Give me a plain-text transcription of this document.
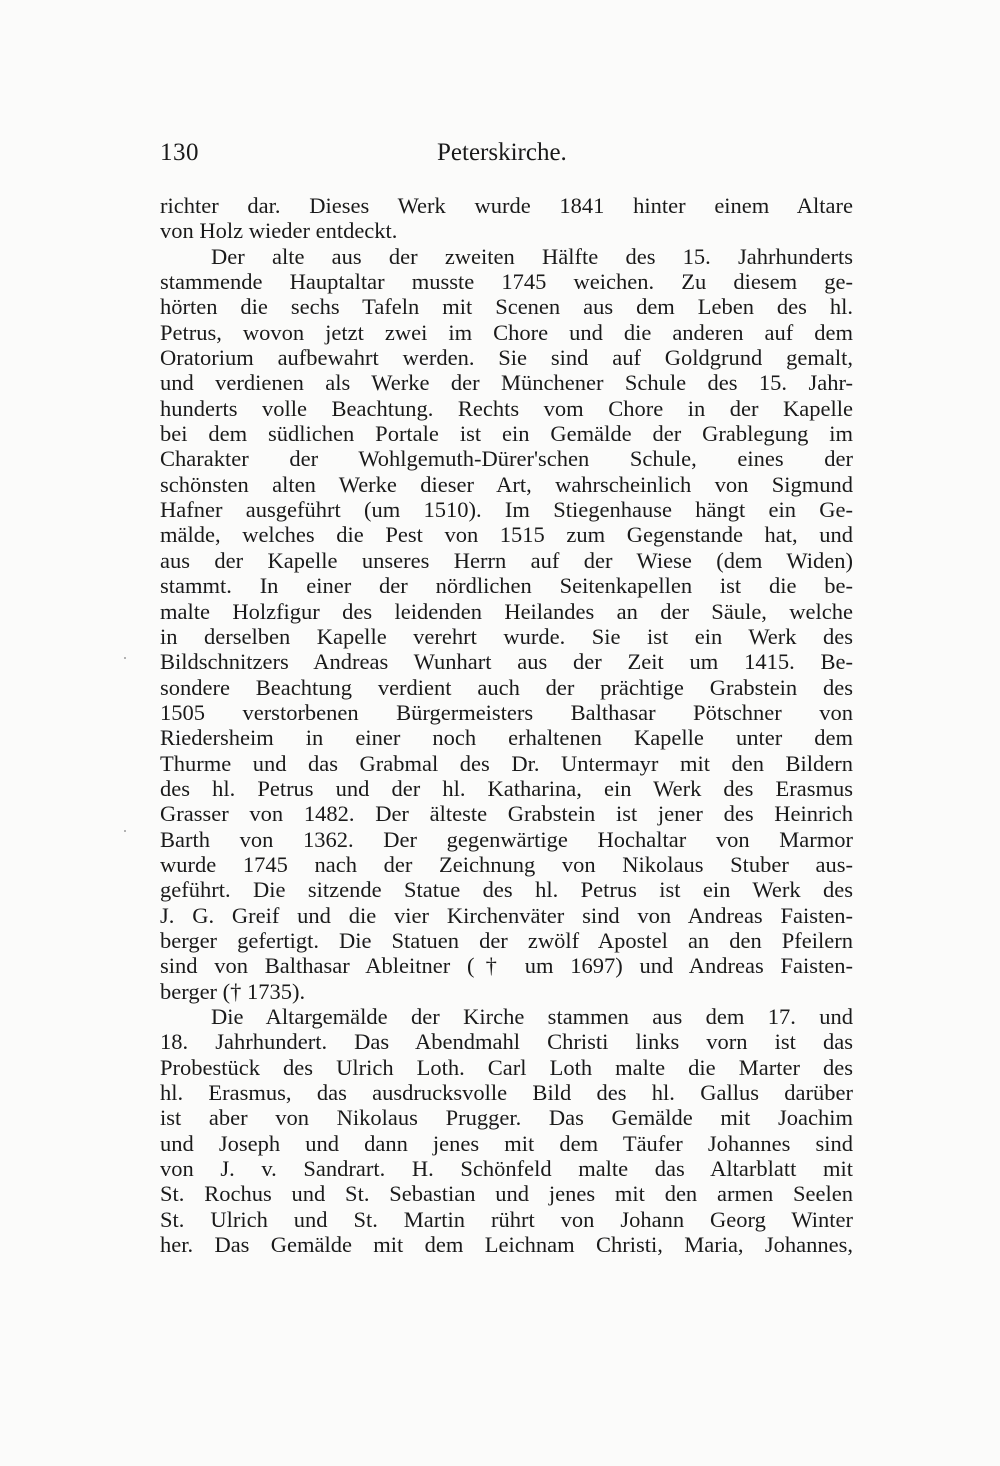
130	Peterskirche.
richter dar. Dieses Werk wurde 1841 hinter einem Altare
von Holz wieder entdeckt.
Der alte aus der zweiten Hälfte des 15. Jahrhunderts
stammende Hauptaltar musste 1745 weichen. Zu diesem ge-
hörten die sechs Tafeln mit Scenen aus dem Leben des hl.
Petrus, wovon jetzt zwei im Chore und die anderen auf dem
Oratorium aufbewahrt werden. Sie sind auf Goldgrund gemalt,
und verdienen als Werke der Münchener Schule des 15. Jahr-
hunderts volle Beachtung. Rechts vom Chore in der Kapelle
bei dem südlichen Portale ist ein Gemälde der Grablegung im
Charakter der Wohlgemuth-Dürer'schen Schule, eines der
schönsten alten Werke dieser Art, wahrscheinlich von Sigmund
Hafner ausgeführt (um 1510). Im Stiegenhause hängt ein Ge-
mälde, welches die Pest von 1515 zum Gegenstande hat, und
aus der Kapelle unseres Herrn auf der Wiese (dem Widen)
stammt. In einer der nördlichen Seitenkapellen ist die be-
malte Holzfigur des leidenden Heilandes an der Säule, welche
in derselben Kapelle verehrt wurde. Sie ist ein Werk des
Bildschnitzers Andreas Wunhart aus der Zeit um 1415. Be-
sondere Beachtung verdient auch der prächtige Grabstein des
1505 verstorbenen Bürgermeisters Balthasar Pötschner von
Riedersheim in einer noch erhaltenen Kapelle unter dem
Thurme und das Grabmal des Dr. Untermayr mit den Bildern
des hl. Petrus und der hl. Katharina, ein Werk des Erasmus
Grasser von 1482. Der älteste Grabstein ist jener des Heinrich
Barth von 1362. Der gegenwärtige Hochaltar von Marmor
wurde 1745 nach der Zeichnung von Nikolaus Stuber aus-
geführt. Die sitzende Statue des hl. Petrus ist ein Werk des
J. G. Greif und die vier Kirchenväter sind von Andreas Faisten-
berger gefertigt. Die Statuen der zwölf Apostel an den Pfeilern
sind von Balthasar Ableitner († um 1697) und Andreas Faisten-
berger († 1735).
Die Altargemälde der Kirche stammen aus dem 17. und
18. Jahrhundert. Das Abendmahl Christi links vorn ist das
Probestück des Ulrich Loth. Carl Loth malte die Marter des
hl. Erasmus, das ausdrucksvolle Bild des hl. Gallus darüber
ist aber von Nikolaus Prugger. Das Gemälde mit Joachim
und Joseph und dann jenes mit dem Täufer Johannes sind
von J. v. Sandrart. H. Schönfeld malte das Altarblatt mit
St. Rochus und St. Sebastian und jenes mit den armen Seelen
St. Ulrich und St. Martin rührt von Johann Georg Winter
her. Das Gemälde mit dem Leichnam Christi, Maria, Johannes,
